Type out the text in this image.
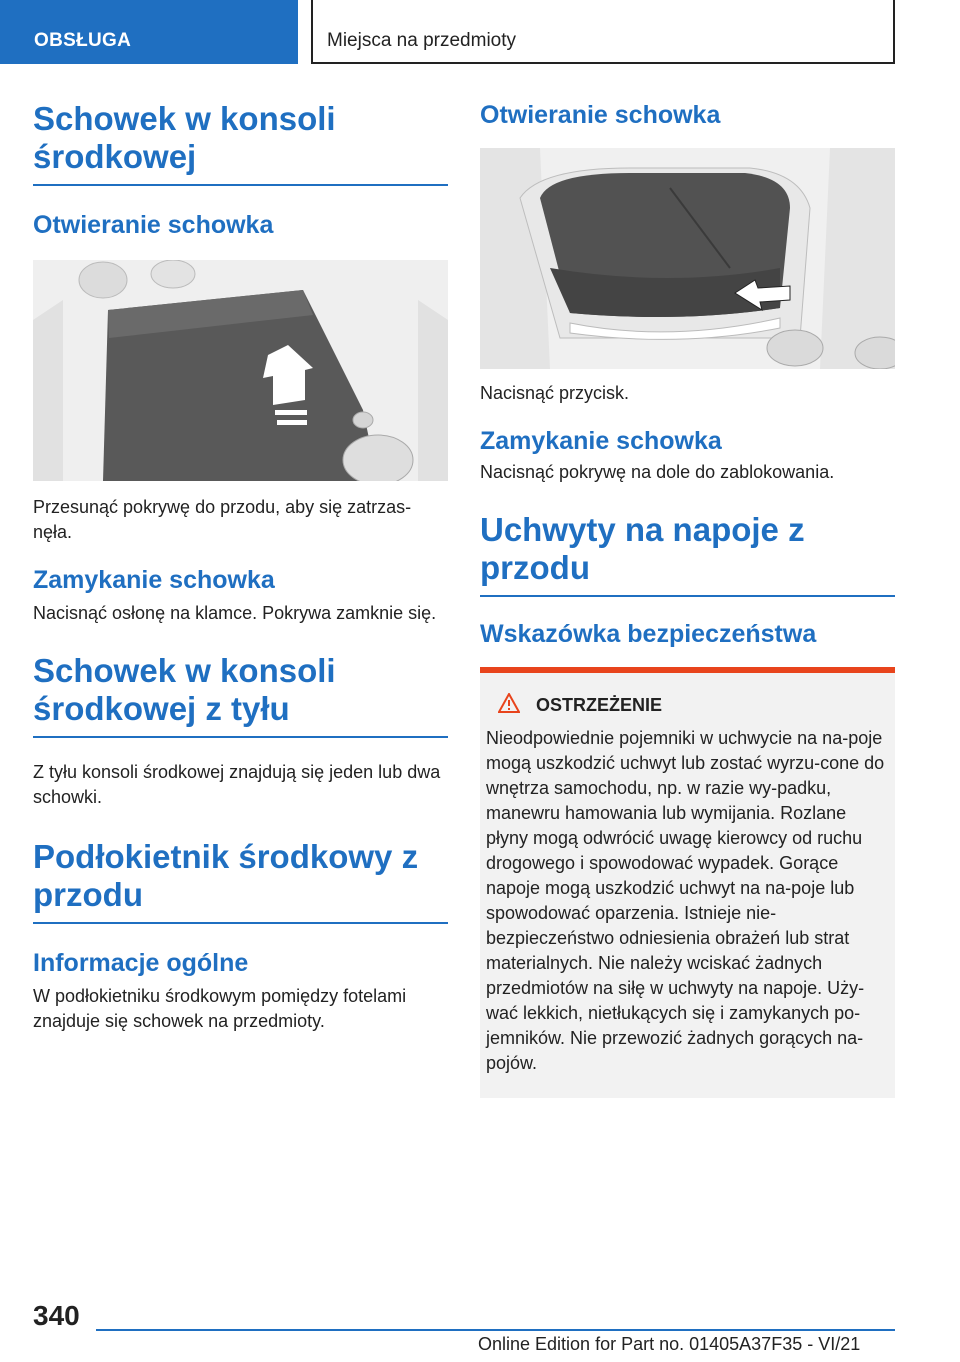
OBSŁUGA	Miejsca na przedmioty
Schowek w konsoli środkowej
Otwieranie schowka

Przesunąć pokrywę do przodu, aby się zatrzas-nęła.

Zamykanie schowka

Nacisnąć osłonę na klamce. Pokrywa zamknie się.

Schowek w konsoli środkowej z tyłu

Z tyłu konsoli środkowej znajdują się jeden lub dwa schowki.

Podłokietnik środkowy z przodu
Informacje ogólne

W podłokietniku środkowym pomiędzy fotelami znajduje się schowek na przedmioty.

Otwieranie schowka

Nacisnąć przycisk.

Zamykanie schowka

Nacisnąć pokrywę na dole do zablokowania.

Uchwyty na napoje z przodu
Wskazówka bezpieczeństwa
OSTRZEŻENIE

Nieodpowiednie pojemniki w uchwycie na na-poje mogą uszkodzić uchwyt lub zostać wyrzu-cone do wnętrza samochodu, np. w razie wy-padku, manewru hamowania lub wymijania. Rozlane płyny mogą odwrócić uwagę kierowcy od ruchu drogowego i spowodować wypadek. Gorące napoje mogą uszkodzić uchwyt na na-poje lub spowodować oparzenia. Istnieje nie-bezpieczeństwo odniesienia obrażeń lub strat materialnych. Nie należy wciskać żadnych przedmiotów na siłę w uchwyty na napoje. Uży-wać lekkich, nietłukących się i zamykanych po-jemników. Nie przewozić żadnych gorących na-pojów.

340
Online Edition for Part no. 01405A37F35 - VI/21
